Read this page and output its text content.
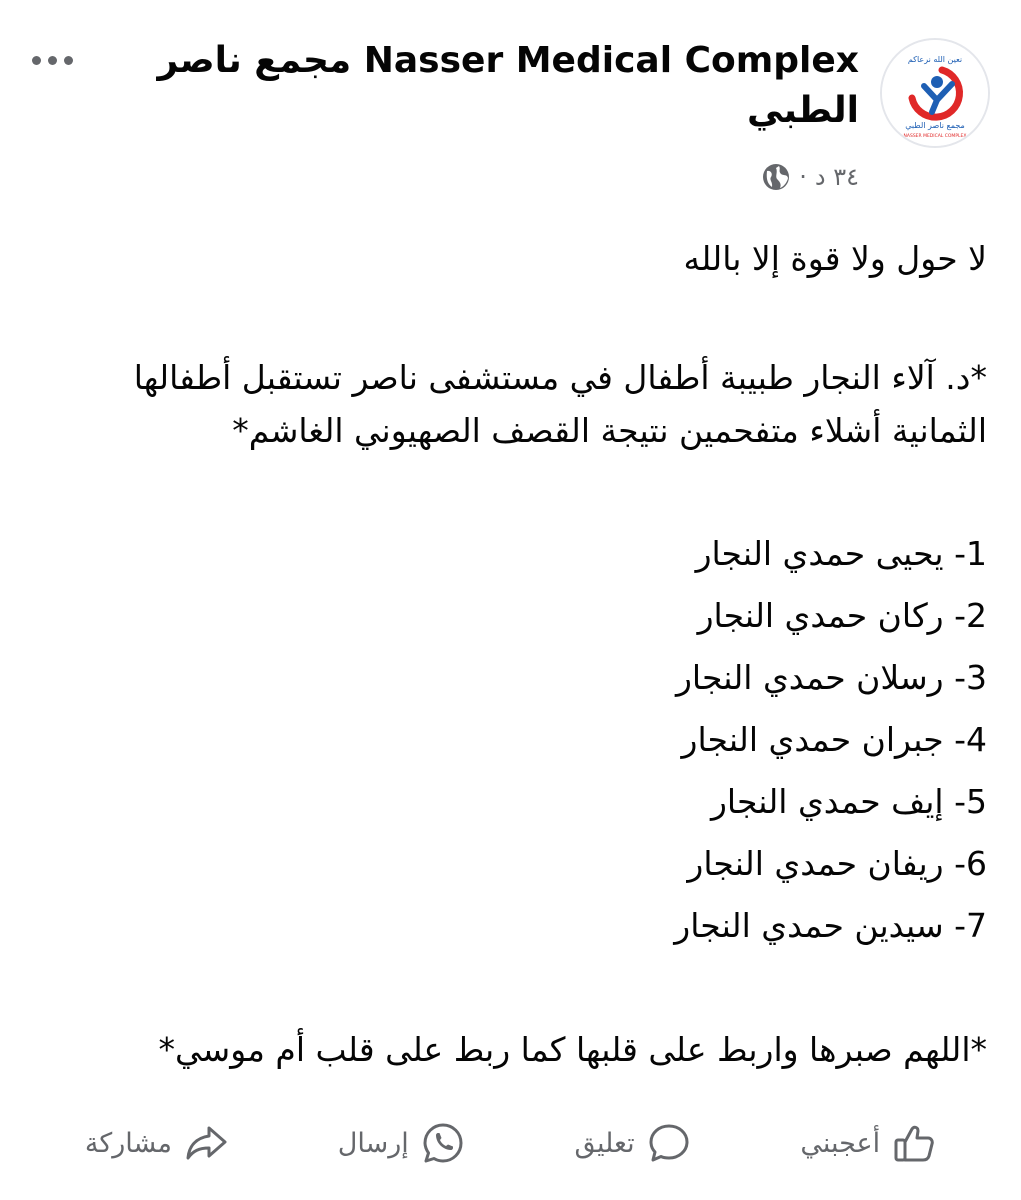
Nasser Medical Complex مجمع ناصر الطبي
نعين الله نرعاكم
مجمع ناصر الطبي
NASSER MEDICAL COMPLEX
٣٤ د
·

لا حول ولا قوة إلا بالله

*د. آلاء النجار طبيبة أطفال في مستشفى ناصر تستقبل أطفالها الثمانية أشلاء متفحمين نتيجة القصف الصهيوني الغاشم*

1- يحيى حمدي النجار

2- ركان حمدي النجار

3- رسلان حمدي النجار

4- جبران حمدي النجار

5- إيف حمدي النجار

6- ريفان حمدي النجار

7- سيدين حمدي النجار

*اللهم صبرها واربط على قلبها كما ربط على قلب أم موسي*

أعجبني
تعليق
إرسال
مشاركة
